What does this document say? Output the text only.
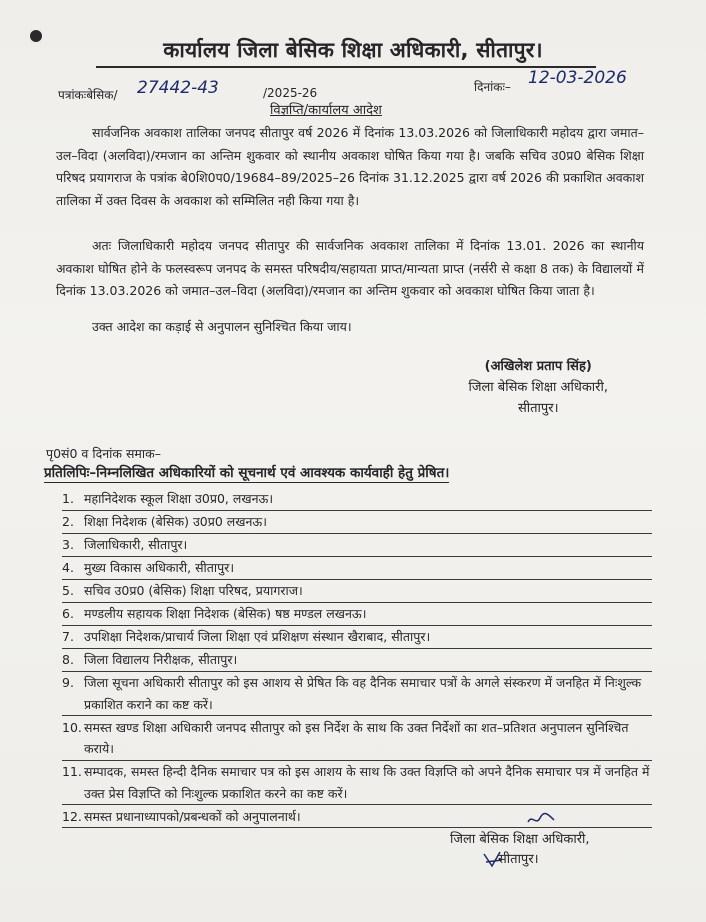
कार्यालय जिला बेसिक शिक्षा अधिकारी, सीतापुर।
पत्रांकःबेसिक/ 27442-43	/2025-26	दिनांकः– 12-03-2026
विज्ञप्ति/कार्यालय आदेश
सार्वजनिक अवकाश तालिका जनपद सीतापुर वर्ष 2026 में दिनांक 13.03.2026 को जिलाधिकारी महोदय द्वारा जमात–उल–विदा (अलविदा)/रमजान का अन्तिम शुकवार को स्थानीय अवकाश घोषित किया गया है। जबकि सचिव उ0प्र0 बेसिक शिक्षा परिषद प्रयागराज के पत्रांक बे0शि0प0/19684–89/2025–26 दिनांक 31.12.2025 द्वारा वर्ष 2026 की प्रकाशित अवकाश तालिका में उक्त दिवस के अवकाश को सम्मिलित नही किया गया है।
अतः जिलाधिकारी महोदय जनपद सीतापुर की सार्वजनिक अवकाश तालिका में दिनांक 13.01. 2026 का स्थानीय अवकाश घोषित होने के फलस्वरूप जनपद के समस्त परिषदीय/सहायता प्राप्त/मान्यता प्राप्त (नर्सरी से कक्षा 8 तक) के विद्यालयों में दिनांक 13.03.2026 को जमात–उल–विदा (अलविदा)/रमजान का अन्तिम शुकवार को अवकाश घोषित किया जाता है।
उक्त आदेश का कड़ाई से अनुपालन सुनिश्चित किया जाय।
(अखिलेश प्रताप सिंह)
जिला बेसिक शिक्षा अधिकारी,
सीतापुर।
पृ0सं0 व दिनांक समाक–
प्रतिलिपिः–निम्नलिखित अधिकारियों को सूचनार्थ एवं आवश्यक कार्यवाही हेतु प्रेषित।
1. महानिदेशक स्कूल शिक्षा उ0प्र0, लखनऊ।
2. शिक्षा निदेशक (बेसिक) उ0प्र0 लखनऊ।
3. जिलाधिकारी, सीतापुर।
4. मुख्य विकास अधिकारी, सीतापुर।
5. सचिव उ0प्र0 (बेसिक) शिक्षा परिषद, प्रयागराज।
6. मण्डलीय सहायक शिक्षा निदेशक (बेसिक) षष्ठ मण्डल लखनऊ।
7. उपशिक्षा निदेशक/प्राचार्य जिला शिक्षा एवं प्रशिक्षण संस्थान खैराबाद, सीतापुर।
8. जिला विद्यालय निरीक्षक, सीतापुर।
9. जिला सूचना अधिकारी सीतापुर को इस आशय से प्रेषित कि वह दैनिक समाचार पत्रों के अगले संस्करण में जनहित में निःशुल्क प्रकाशित कराने का कष्ट करें।
10. समस्त खण्ड शिक्षा अधिकारी जनपद सीतापुर को इस निर्देश के साथ कि उक्त निर्देशों का शत–प्रतिशत अनुपालन सुनिश्चित कराये।
11. सम्पादक, समस्त हिन्दी दैनिक समाचार पत्र को इस आशय के साथ कि उक्त विज्ञप्ति को अपने दैनिक समाचार पत्र में जनहित में उक्त प्रेस विज्ञप्ति को निःशुल्क प्रकाशित करने का कष्ट करें।
12. समस्त प्रधानाध्यापको/प्रबन्धकों को अनुपालनार्थ।
जिला बेसिक शिक्षा अधिकारी,
सीतापुर।
